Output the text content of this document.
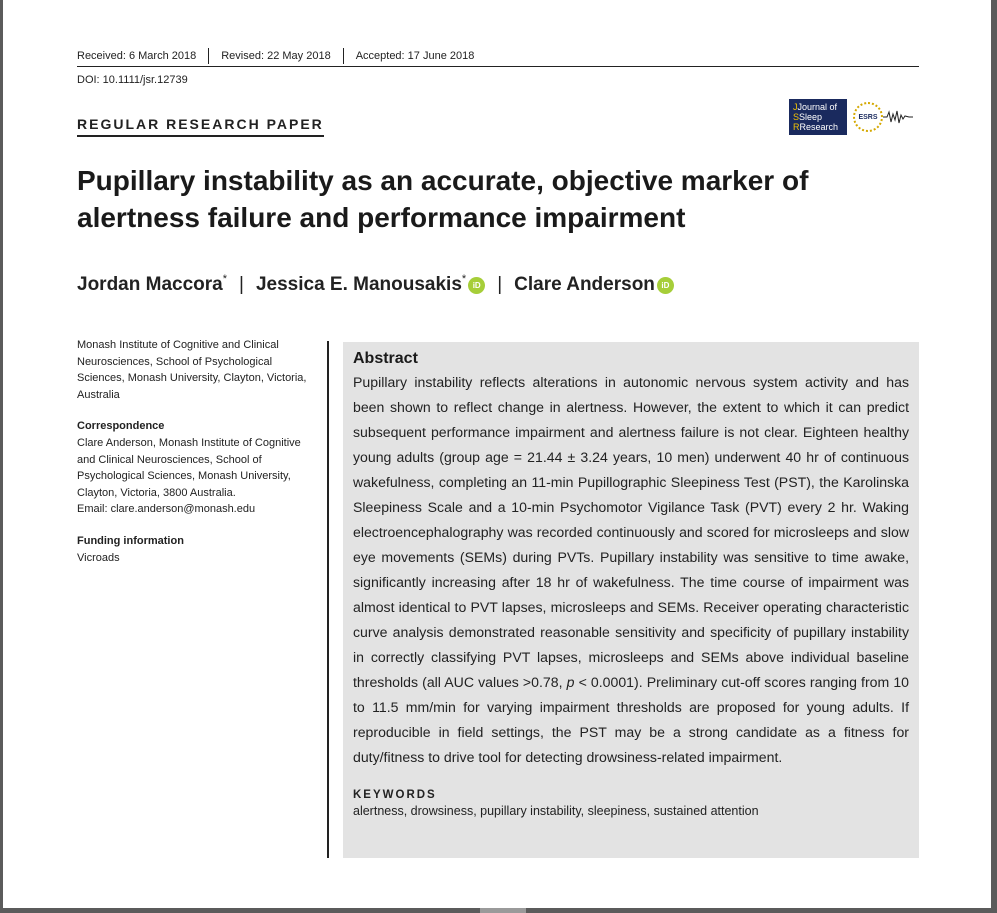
Received: 6 March 2018 Revised: 22 May 2018 Accepted: 17 June 2018
DOI: 10.1111/jsr.12739
REGULAR RESEARCH PAPER
JJournal of
SSleep
RResearch
ESRS
Pupillary instability as an accurate, objective marker of alertness failure and performance impairment
Jordan Maccora * | Jessica E. Manousakis * iD | Clare Anderson iD
Monash Institute of Cognitive and Clinical Neurosciences, School of Psychological Sciences, Monash University, Clayton, Victoria, Australia
Correspondence
Clare Anderson, Monash Institute of Cognitive and Clinical Neurosciences, School of Psychological Sciences, Monash University, Clayton, Victoria, 3800 Australia.
Email: clare.anderson@monash.edu
Funding information
Vicroads
Abstract
Pupillary instability reflects alterations in autonomic nervous system activity and has been shown to reflect change in alertness. However, the extent to which it can predict subsequent performance impairment and alertness failure is not clear. Eighteen healthy young adults (group age = 21.44 ± 3.24 years, 10 men) underwent 40 hr of continuous wakefulness, completing an 11-min Pupillographic Sleepiness Test (PST), the Karolinska Sleepiness Scale and a 10-min Psychomotor Vigilance Task (PVT) every 2 hr. Waking electroencephalography was recorded continuously and scored for microsleeps and slow eye movements (SEMs) during PVTs. Pupillary instability was sensitive to time awake, significantly increasing after 18 hr of wakefulness. The time course of impairment was almost identical to PVT lapses, microsleeps and SEMs. Receiver operating characteristic curve analysis demonstrated reasonable sensitivity and specificity of pupillary instability in correctly classifying PVT lapses, microsleeps and SEMs above individual baseline thresholds (all AUC values >0.78, p < 0.0001). Preliminary cut-off scores ranging from 10 to 11.5 mm/min for varying impairment thresholds are proposed for young adults. If reproducible in field settings, the PST may be a strong candidate as a fitness for duty/fitness to drive tool for detecting drowsiness-related impairment.
KEYWORDS
alertness, drowsiness, pupillary instability, sleepiness, sustained attention
